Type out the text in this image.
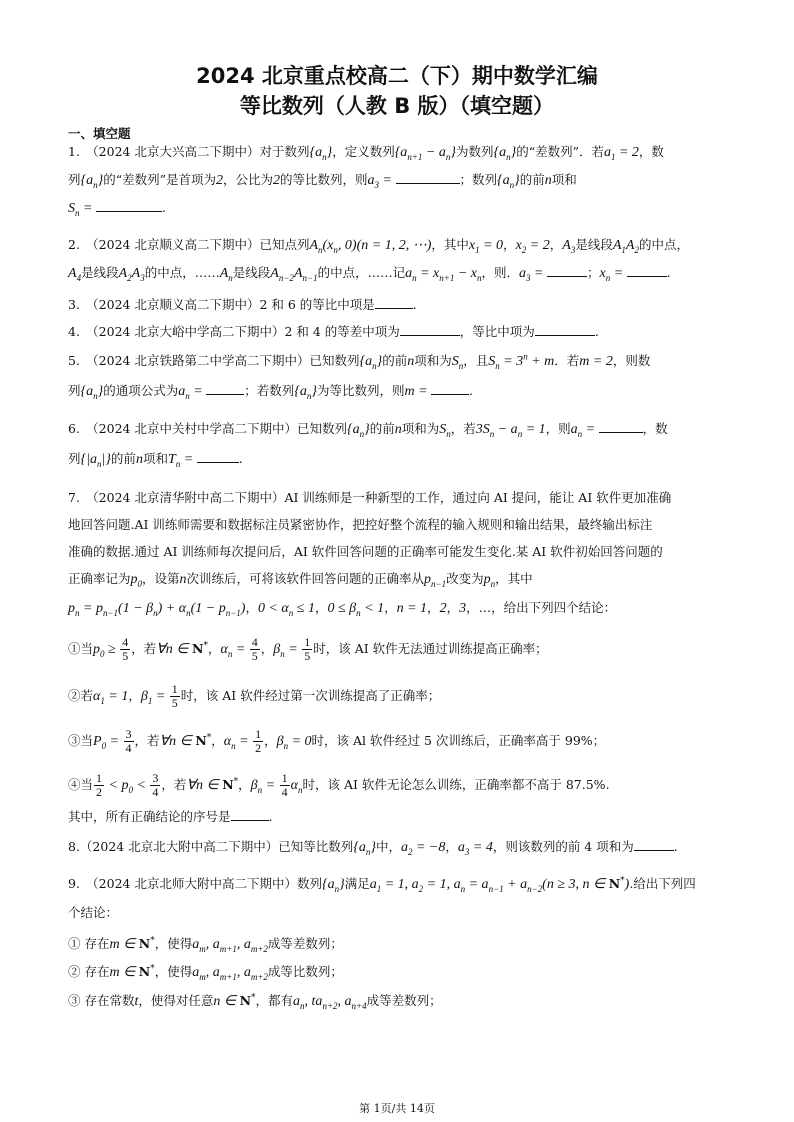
2024 北京重点校高二（下）期中数学汇编
等比数列（人教 B 版）（填空题）
一、填空题
1.　（2024 北京大兴高二下期中）对于数列$\{a_n\}$，定义数列$\{a_{n+1} - a_n\}$为数列$\{a_n\}$的“差数列”．若$a_1 = 2$，数
列$\{a_n\}$的“差数列”是首项为2，公比为2的等比数列，则$a_3$ =	；数列$\{a_n\}$的前n项和
$S_n$ =	.
2.　（2024 北京顺义高二下期中）已知点列$A_n(x_n$, 0)(n = 1, 2, ⋯)，其中$x_1 = 0$，$x_2 = 2$，$A_3$是线段$A_1A_2$的中点，
$A_4$是线段$A_2A_3$的中点，$\dots\dots A_n$是线段$A_{n-2}A_{n-1}$的中点，……记$a_n = x_{n+1} - x_n$，则．$a_3$ =	；$x_n$ =	.
3.　（2024 北京顺义高二下期中）2 和 6 的等比中项是	.
4.　（2024 北京大峪中学高二下期中）2 和 4 的等差中项为	，等比中项为	.
5.　（2024 北京铁路第二中学高二下期中）已知数列$\{a_n\}$的前n项和为$S_n$，且$S_n = 3^n + m$．若m = 2，则数
列$\{a_n\}$的通项公式为$a_n$ =	；若数列$\{a_n\}$为等比数列，则m =	.
6.　（2024 北京中关村中学高二下期中）已知数列$\{a_n\}$的前n项和为$S_n$，若$3S_n - a_n = 1$，则$a_n$ =	，数
列$\{|a_n|\}$的前n项和$T_n$ =	.
7.　（2024 北京清华附中高二下期中）AI 训练师是一种新型的工作，通过向 AI 提问，能让 AI 软件更加准确
地回答问题.AI 训练师需要和数据标注员紧密协作，把控好整个流程的输入规则和输出结果，最终输出标注
准确的数据.通过 AI 训练师每次提问后，AI 软件回答问题的正确率可能发生变化.某 AI 软件初始回答问题的
正确率记为$p_0$，设第n次训练后，可将该软件回答问题的正确率从$p_{n-1}$改变为$p_n$，其中
$p_n = p_{n-1}(1 - \beta_n) + \alpha_n(1 - p_{n-1})$，$0 < \alpha_n \le 1$，$0 \le \beta_n < 1$，n = 1，2，3，…，给出下列四个结论：
①当$p_0 \ge \frac{4}{5}$ ，若∀n ∈ N*，$\alpha_n = \frac{4}{5}$ ，$\beta_n = \frac{1}{5}$ 时，该 AI 软件无法通过训练提高正确率；
②若$\alpha_1 = 1$，$\beta_1 = \frac{1}{5}$ 时，该 AI 软件经过第一次训练提高了正确率；
③当$P_0 = \frac{3}{4}$ ，若∀n ∈ N*，$\alpha_n = \frac{1}{2}$ ，$\beta_n = 0$时，该 Al 软件经过 5 次训练后，正确率高于 99%；
④当 $\frac{1}{2} < p_0 < \frac{3}{4}$ ，若∀n ∈ N*，$\beta_n = \frac{1}{4} \alpha_n$时，该 AI 软件无论怎么训练，正确率都不高于 87.5%.
其中，所有正确结论的序号是	.
8.（2024 北京北大附中高二下期中）已知等比数列$\{a_n\}$中，$a_2 = -8$，$a_3 = 4$，则该数列的前 4 项和为	.
9.　（2024 北京北师大附中高二下期中）数列$\{a_n\}$满足$a_1 = 1$, $a_2 = 1$, $a_n = a_{n-1} + a_{n-2}(n \ge 3$, n ∈ N*).给出下列四
个结论：
① 存在m ∈ N*，使得$a_m$, $a_{m+1}$, $a_{m+2}$成等差数列；
② 存在m ∈ N*，使得$a_m$, $a_{m+1}$, $a_{m+2}$成等比数列；
③ 存在常数t，使得对任意n ∈ N*，都有$a_n$, $ta_{n+2}$, $a_{n+4}$成等差数列；
第 1页/共 14页
